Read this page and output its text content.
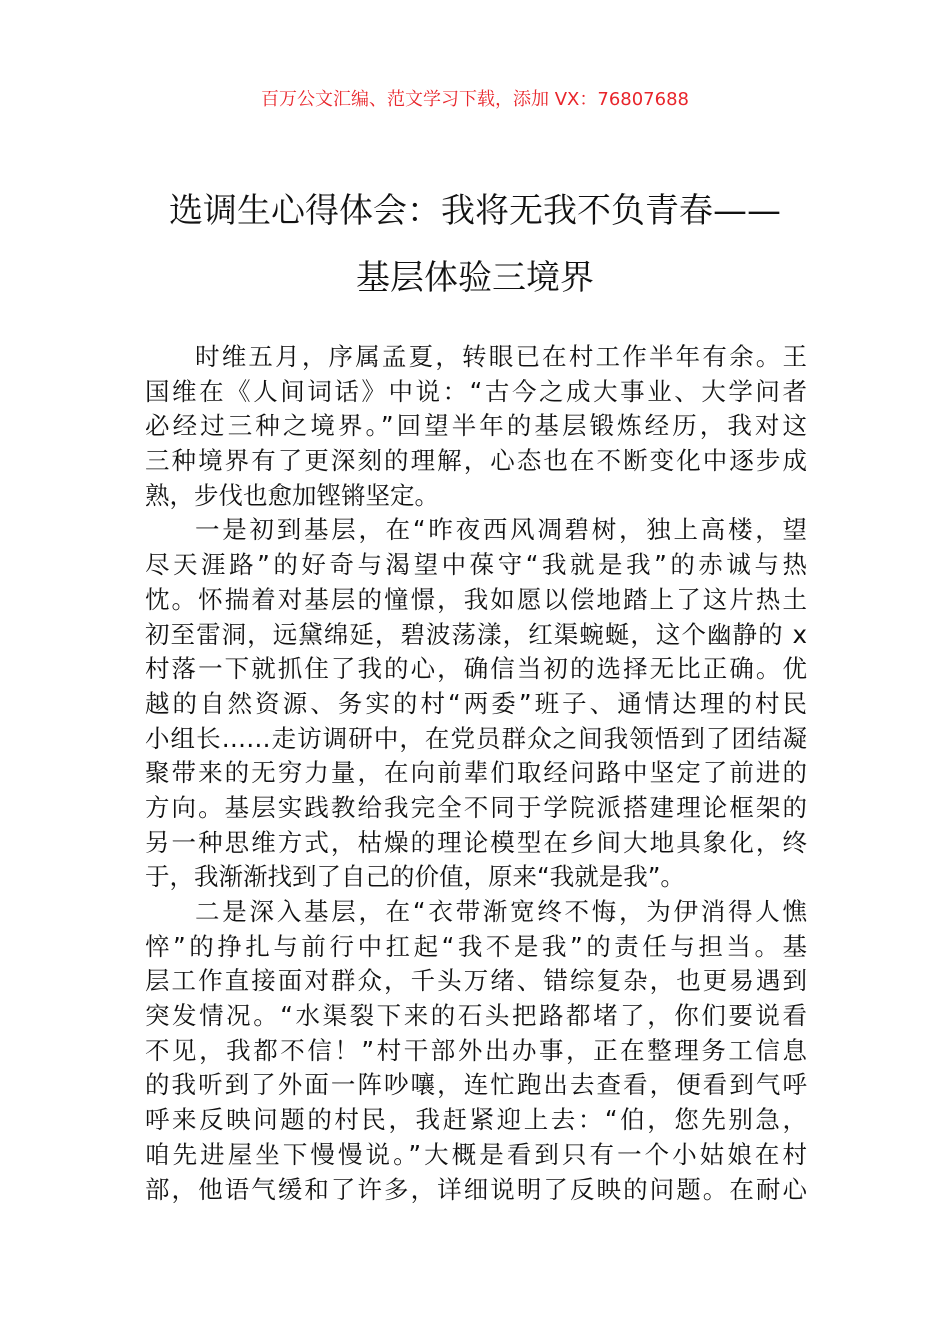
百万公文汇编、范文学习下载，添加 VX：76807688
选调生心得体会：我将无我不负青春——
基层体验三境界
时维五月，序属孟夏，转眼已在村工作半年有余。王
国维在《人间词话》中说：“古今之成大事业、大学问者
必经过三种之境界。”回望半年的基层锻炼经历，我对这
三种境界有了更深刻的理解，心态也在不断变化中逐步成
熟，步伐也愈加铿锵坚定。
一是初到基层，在“昨夜西风凋碧树，独上高楼，望
尽天涯路”的好奇与渴望中葆守“我就是我”的赤诚与热
忱。怀揣着对基层的憧憬，我如愿以偿地踏上了这片热土
初至雷洞，远黛绵延，碧波荡漾，红渠蜿蜒，这个幽静的 x
村落一下就抓住了我的心，确信当初的选择无比正确。优
越的自然资源、务实的村“两委”班子、通情达理的村民
小组长……走访调研中，在党员群众之间我领悟到了团结凝
聚带来的无穷力量，在向前辈们取经问路中坚定了前进的
方向。基层实践教给我完全不同于学院派搭建理论框架的
另一种思维方式，枯燥的理论模型在乡间大地具象化，终
于，我渐渐找到了自己的价值，原来“我就是我”。
二是深入基层，在“衣带渐宽终不悔，为伊消得人憔
悴”的挣扎与前行中扛起“我不是我”的责任与担当。基
层工作直接面对群众，千头万绪、错综复杂，也更易遇到
突发情况。“水渠裂下来的石头把路都堵了，你们要说看
不见，我都不信！”村干部外出办事，正在整理务工信息
的我听到了外面一阵吵嚷，连忙跑出去查看，便看到气呼
呼来反映问题的村民，我赶紧迎上去：“伯，您先别急，
咱先进屋坐下慢慢说。”大概是看到只有一个小姑娘在村
部，他语气缓和了许多，详细说明了反映的问题。在耐心
